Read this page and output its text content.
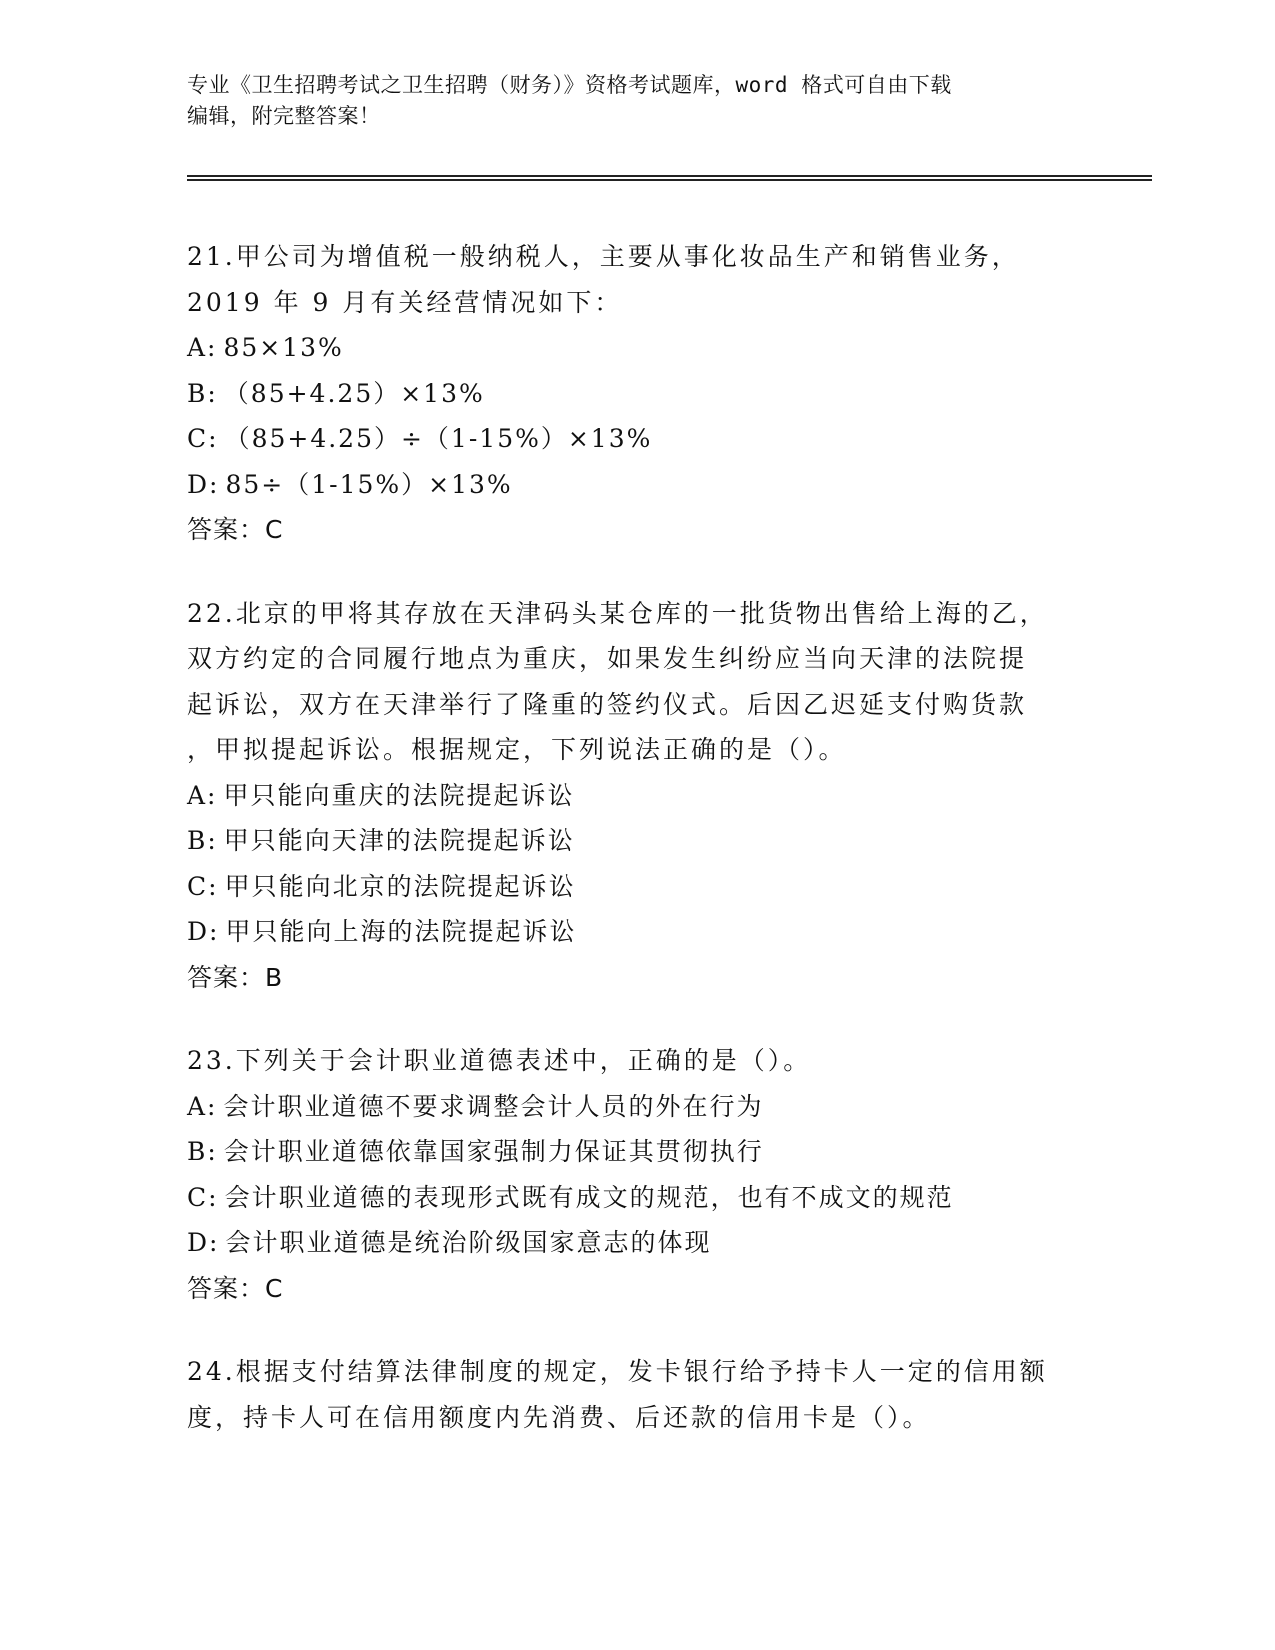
专业《卫生招聘考试之卫生招聘（财务）》资格考试题库，word 格式可自由下载
编辑，附完整答案！
21.甲公司为增值税一般纳税人，主要从事化妆品生产和销售业务，
2019 年 9 月有关经营情况如下：
A: 85×13%
B: （85+4.25）×13%
C: （85+4.25）÷（1-15%）×13%
D: 85÷（1-15%）×13%
答案：C
22.北京的甲将其存放在天津码头某仓库的一批货物出售给上海的乙，
双方约定的合同履行地点为重庆，如果发生纠纷应当向天津的法院提
起诉讼，双方在天津举行了隆重的签约仪式。后因乙迟延支付购货款
，甲拟提起诉讼。根据规定，下列说法正确的是（）。
A: 甲只能向重庆的法院提起诉讼
B: 甲只能向天津的法院提起诉讼
C: 甲只能向北京的法院提起诉讼
D: 甲只能向上海的法院提起诉讼
答案：B
23.下列关于会计职业道德表述中，正确的是（）。
A: 会计职业道德不要求调整会计人员的外在行为
B: 会计职业道德依靠国家强制力保证其贯彻执行
C: 会计职业道德的表现形式既有成文的规范，也有不成文的规范
D: 会计职业道德是统治阶级国家意志的体现
答案：C
24.根据支付结算法律制度的规定，发卡银行给予持卡人一定的信用额
度，持卡人可在信用额度内先消费、后还款的信用卡是（）。
